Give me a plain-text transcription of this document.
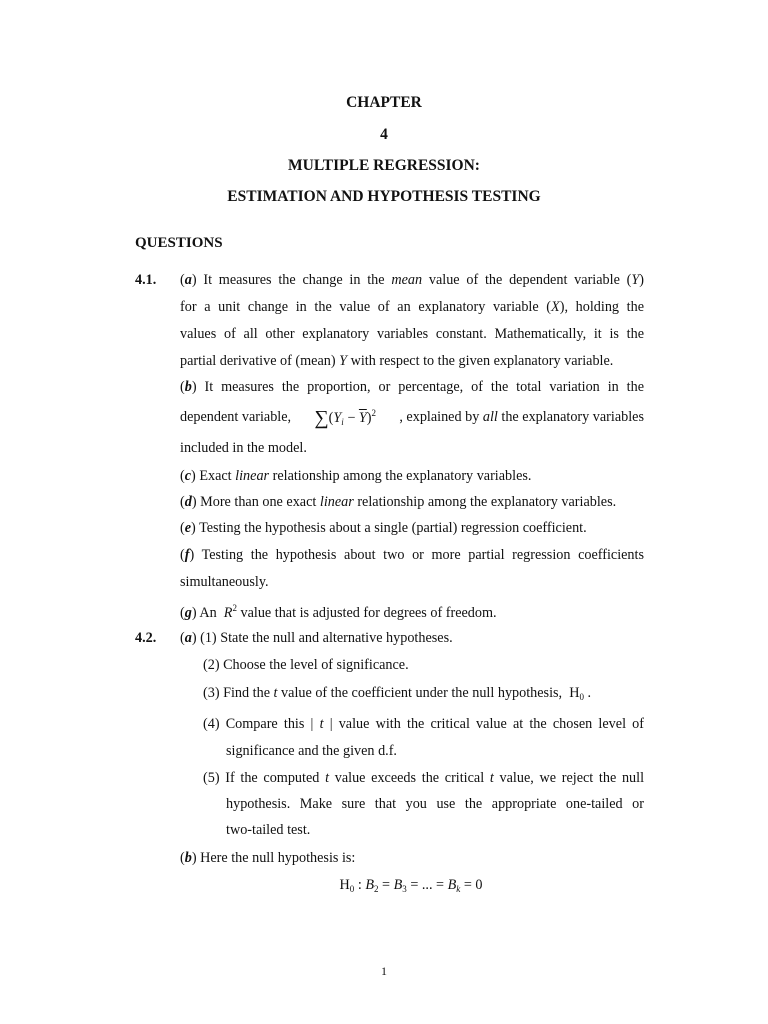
CHAPTER
4
MULTIPLE REGRESSION:
ESTIMATION AND HYPOTHESIS TESTING
QUESTIONS
4.1. (a) It measures the change in the mean value of the dependent variable (Y)
for a unit change in the value of an explanatory variable (X), holding the
values of all other explanatory variables constant. Mathematically, it is the
partial derivative of (mean) Y with respect to the given explanatory variable.
(b) It measures the proportion, or percentage, of the total variation in the
dependent variable, ∑ $(Y_i - \overline{Y})^2$ , explained by all the explanatory variables
included in the model.
(c) Exact linear relationship among the explanatory variables.
(d) More than one exact linear relationship among the explanatory variables.
(e) Testing the hypothesis about a single (partial) regression coefficient.
(f) Testing the hypothesis about two or more partial regression coefficients
simultaneously.
(g) An $R^2$ value that is adjusted for degrees of freedom.
4.2. (a) (1) State the null and alternative hypotheses.
(2) Choose the level of significance.
(3) Find the t value of the coefficient under the null hypothesis, $H_0$ .
(4) Compare this | t | value with the critical value at the chosen level of
significance and the given d.f.
(5) If the computed t value exceeds the critical t value, we reject the null
hypothesis. Make sure that you use the appropriate one-tailed or
two-tailed test.
(b) Here the null hypothesis is:
$H_0$ : $B_2 = B_3$ = ... = $B_k = 0$
1
